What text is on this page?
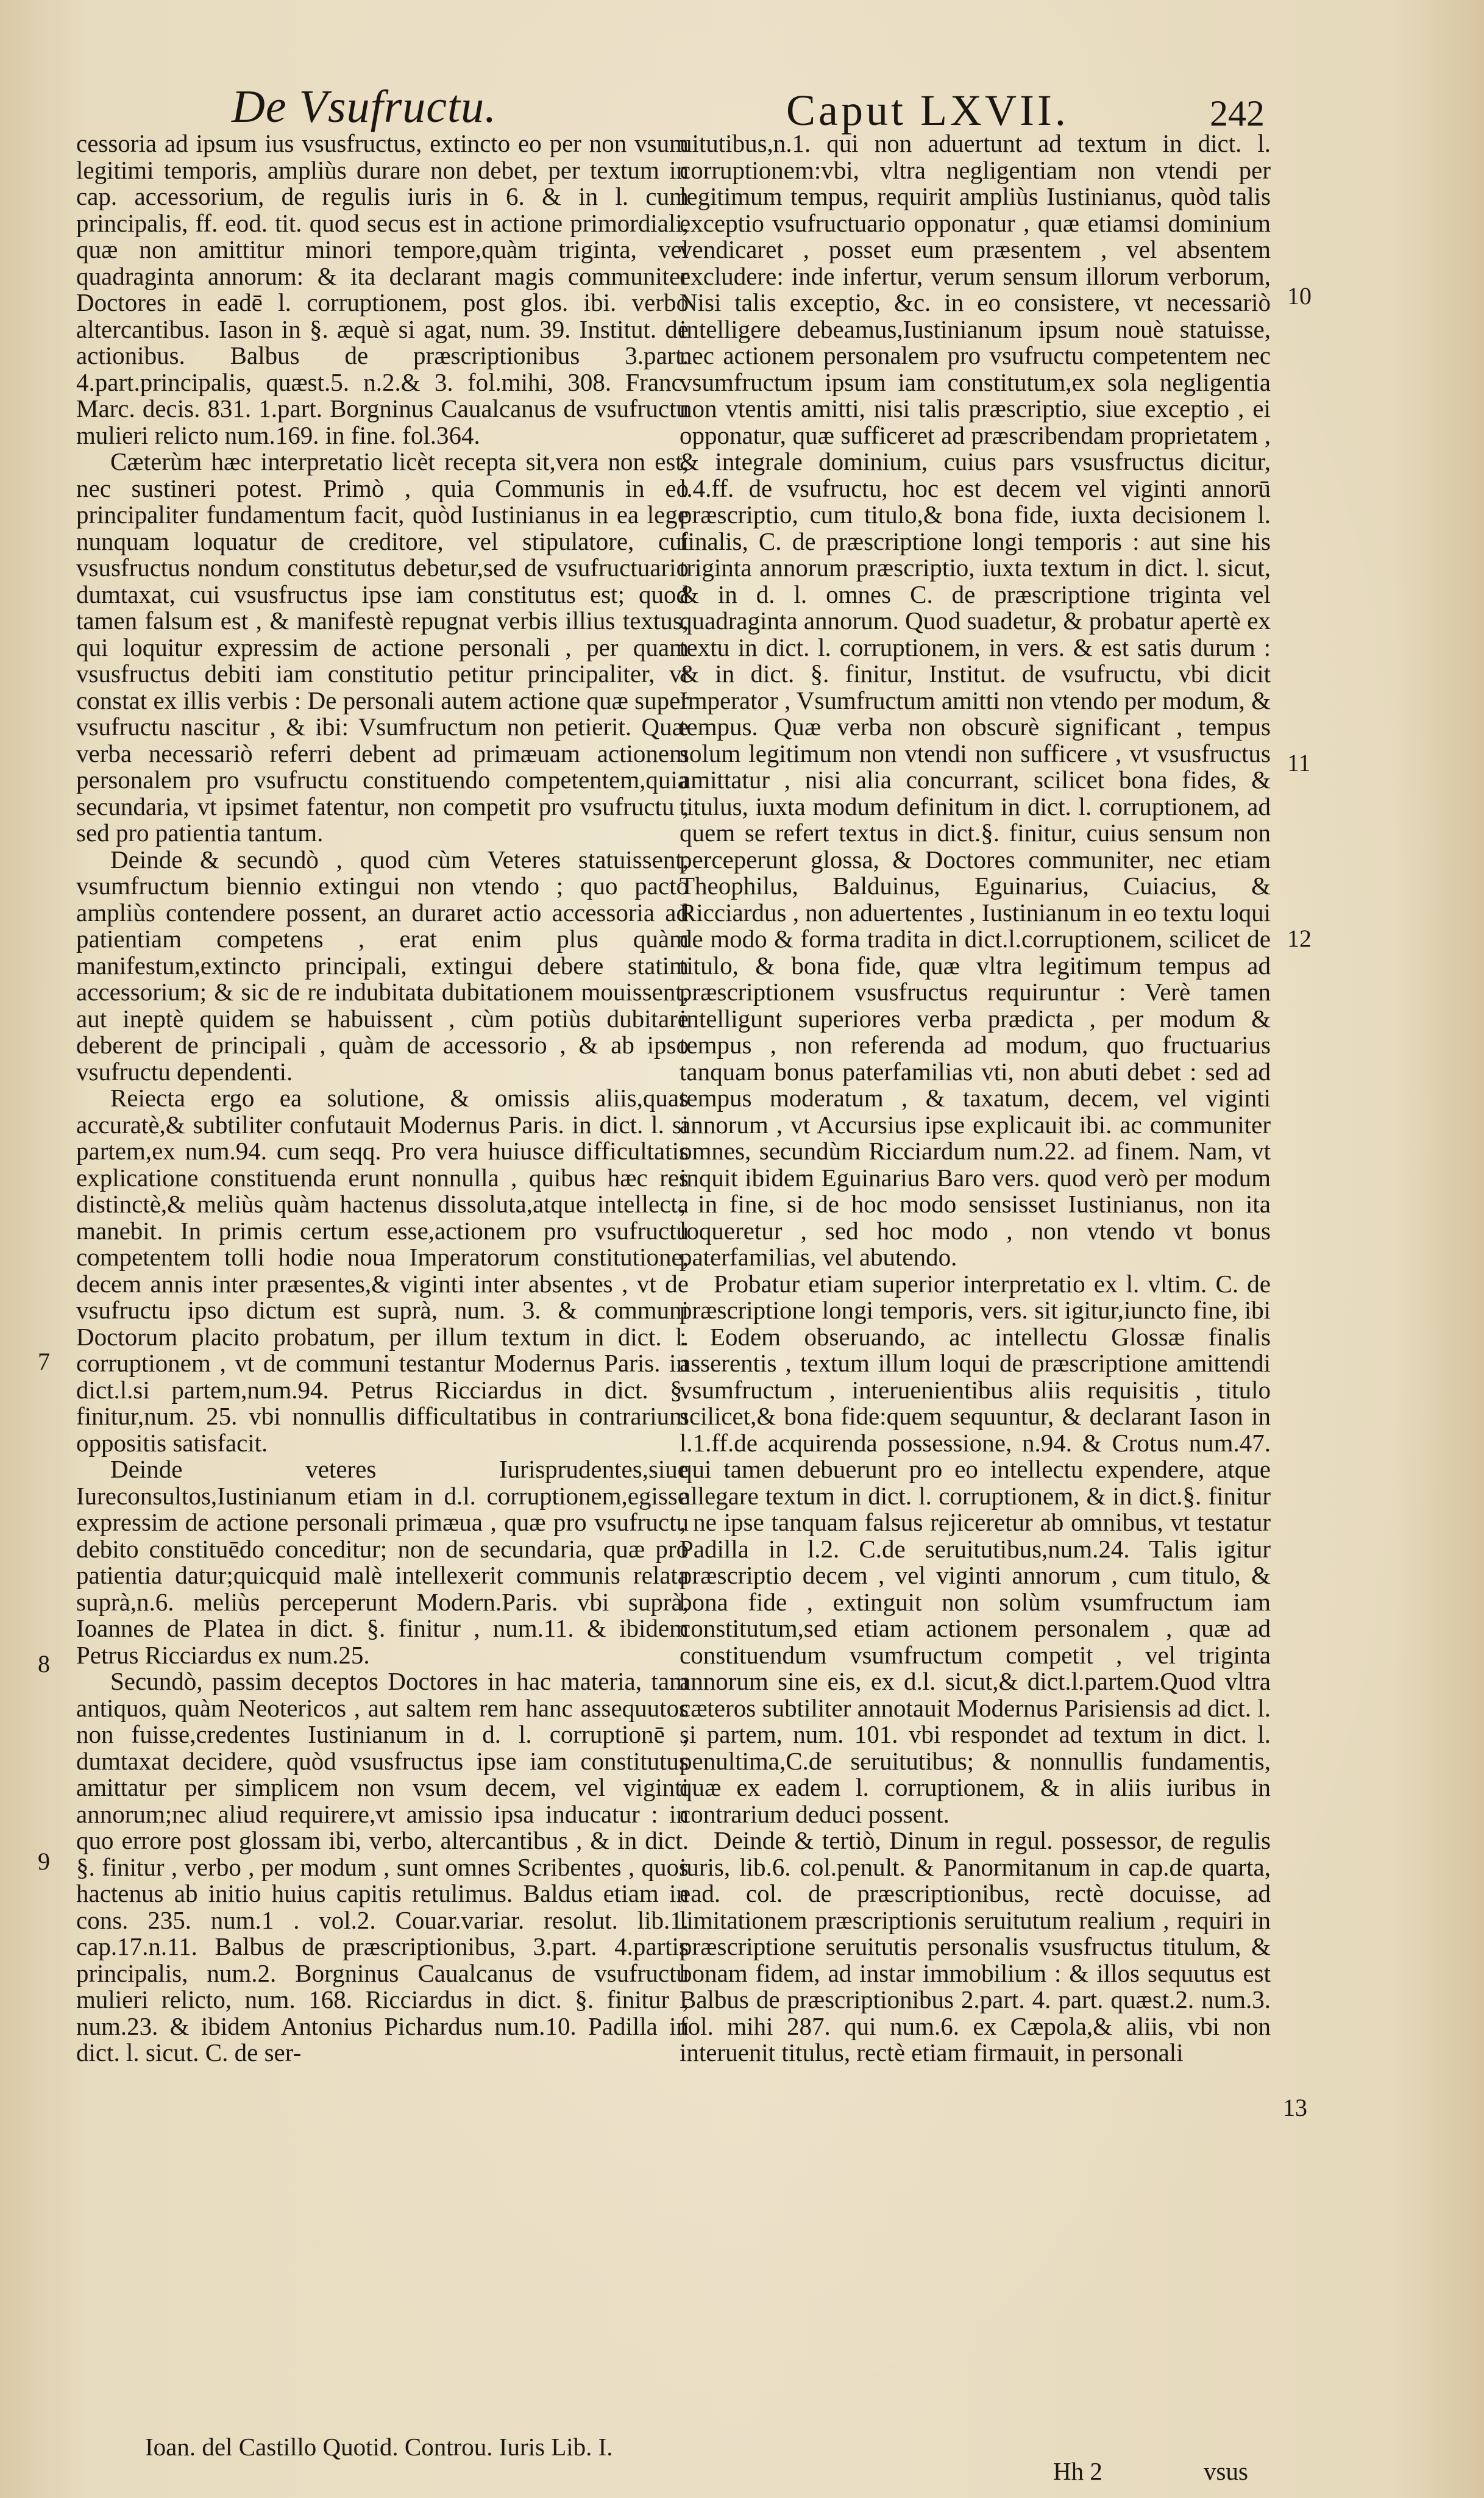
De Vsufructu.	Caput LXVII.	242

cessoria ad ipsum ius vsusfructus, extincto eo per non vsum legitimi temporis, ampliùs durare non debet, per textum in cap. accessorium, de regulis iuris in 6. & in l. cum principalis, ff. eod. tit. quod secus est in actione primordiali, quæ non amittitur minori tempore,quàm triginta, vel quadraginta annorum: & ita declarant magis communiter Doctores in eadē l. corruptionem, post glos. ibi. verbo altercantibus. Iason in §. æquè si agat, num. 39. Institut. de actionibus. Balbus de præscriptionibus 3.part. 4.part.principalis, quæst.5. n.2.& 3. fol.mihi, 308. Franc. Marc. decis. 831. 1.part. Borgninus Caualcanus de vsufructu mulieri relicto num.169. in fine. fol.364.

Cæterùm hæc interpretatio licèt recepta sit,vera non est, nec sustineri potest. Primò , quia Communis in eo principaliter fundamentum facit, quòd Iustinianus in ea lege nunquam loquatur de creditore, vel stipulatore, cui vsusfructus nondum constitutus debetur,sed de vsufructuario dumtaxat, cui vsusfructus ipse iam constitutus est; quod tamen falsum est , & manifestè repugnat verbis illius textus, qui loquitur expressim de actione personali , per quam vsusfructus debiti iam constitutio petitur principaliter, vt constat ex illis verbis : De personali autem actione quæ super vsufructu nascitur , & ibi: Vsumfructum non petierit. Quæ verba necessariò referri debent ad primæuam actionem personalem pro vsufructu constituendo competentem,quia secundaria, vt ipsimet fatentur, non competit pro vsufructu , sed pro patientia tantum.

Deinde & secundò , quod cùm Veteres statuissent, vsumfructum biennio extingui non vtendo ; quo pacto ampliùs contendere possent, an duraret actio accessoria ad patientiam competens , erat enim plus quàm manifestum,extincto principali, extingui debere statim accessorium; & sic de re indubitata dubitationem mouissent, aut ineptè quidem se habuissent , cùm potiùs dubitare deberent de principali , quàm de accessorio , & ab ipso vsufructu dependenti.

Reiecta ergo ea solutione, & omissis aliis,quas accuratè,& subtiliter confutauit Modernus Paris. in dict. l. si partem,ex num.94. cum seqq. Pro vera huiusce difficultatis explicatione constituenda erunt nonnulla , quibus hæc res distinctè,& meliùs quàm hactenus dissoluta,atque intellecta manebit. In primis certum esse,actionem pro vsufructu competentem tolli hodie noua Imperatorum constitutione, decem annis inter præsentes,& viginti inter absentes , vt de vsufructu ipso dictum est suprà, num. 3. & communi Doctorum placito probatum, per illum textum in dict. l. corruptionem , vt de communi testantur Modernus Paris. in dict.l.si partem,num.94. Petrus Ricciardus in dict. §. finitur,num. 25. vbi nonnullis difficultatibus in contrarium oppositis satisfacit.

Deinde veteres Iurisprudentes,siue Iureconsultos,Iustinianum etiam in d.l. corruptionem,egisse expressim de actione personali primæua , quæ pro vsufructu debito constituēdo conceditur; non de secundaria, quæ pro patientia datur;quicquid malè intellexerit communis relata suprà,n.6. meliùs perceperunt Modern.Paris. vbi suprà, Ioannes de Platea in dict. §. finitur , num.11. & ibidem Petrus Ricciardus ex num.25.

Secundò, passim deceptos Doctores in hac materia, tam antiquos, quàm Neotericos , aut saltem rem hanc assequutos non fuisse,credentes Iustinianum in d. l. corruptionē , dumtaxat decidere, quòd vsusfructus ipse iam constitutus amittatur per simplicem non vsum decem, vel viginti annorum;nec aliud requirere,vt amissio ipsa inducatur : in quo errore post glossam ibi, verbo, altercantibus , & in dict. §. finitur , verbo , per modum , sunt omnes Scribentes , quos hactenus ab initio huius capitis retulimus. Baldus etiam in cons. 235. num.1 . vol.2. Couar.variar. resolut. lib.1. cap.17.n.11. Balbus de præscriptionibus, 3.part. 4.partis principalis, num.2. Borgninus Caualcanus de vsufructu mulieri relicto, num. 168. Ricciardus in dict. §. finitur , num.23. & ibidem Antonius Pichardus num.10. Padilla in dict. l. sicut. C. de ser-

uitutibus,n.1. qui non aduertunt ad textum in dict. l. corruptionem:vbi, vltra negligentiam non vtendi per legitimum tempus, requirit ampliùs Iustinianus, quòd talis exceptio vsufructuario opponatur , quæ etiamsi dominium vendicaret , posset eum præsentem , vel absentem excludere: inde infertur, verum sensum illorum verborum, Nisi talis exceptio, &c. in eo consistere, vt necessariò intelligere debeamus,Iustinianum ipsum nouè statuisse, nec actionem personalem pro vsufructu competentem nec vsumfructum ipsum iam constitutum,ex sola negligentia non vtentis amitti, nisi talis præscriptio, siue exceptio , ei opponatur, quæ sufficeret ad præscribendam proprietatem , & integrale dominium, cuius pars vsusfructus dicitur, l.4.ff. de vsufructu, hoc est decem vel viginti annorū præscriptio, cum titulo,& bona fide, iuxta decisionem l. finalis, C. de præscriptione longi temporis : aut sine his triginta annorum præscriptio, iuxta textum in dict. l. sicut, & in d. l. omnes C. de præscriptione triginta vel quadraginta annorum. Quod suadetur, & probatur apertè ex textu in dict. l. corruptionem, in vers. & est satis durum : & in dict. §. finitur, Institut. de vsufructu, vbi dicit Imperator , Vsumfructum amitti non vtendo per modum, & tempus. Quæ verba non obscurè significant , tempus solum legitimum non vtendi non sufficere , vt vsusfructus amittatur , nisi alia concurrant, scilicet bona fides, & titulus, iuxta modum definitum in dict. l. corruptionem, ad quem se refert textus in dict.§. finitur, cuius sensum non perceperunt glossa, & Doctores communiter, nec etiam Theophilus, Balduinus, Eguinarius, Cuiacius, & Ricciardus , non aduertentes , Iustinianum in eo textu loqui de modo & forma tradita in dict.l.corruptionem, scilicet de titulo, & bona fide, quæ vltra legitimum tempus ad præscriptionem vsusfructus requiruntur : Verè tamen intelligunt superiores verba prædicta , per modum & tempus , non referenda ad modum, quo fructuarius tanquam bonus paterfamilias vti, non abuti debet : sed ad tempus moderatum , & taxatum, decem, vel viginti annorum , vt Accursius ipse explicauit ibi. ac communiter omnes, secundùm Ricciardum num.22. ad finem. Nam, vt inquit ibidem Eguinarius Baro vers. quod verò per modum , in fine, si de hoc modo sensisset Iustinianus, non ita loqueretur , sed hoc modo , non vtendo vt bonus paterfamilias, vel abutendo.

Probatur etiam superior interpretatio ex l. vltim. C. de præscriptione longi temporis, vers. sit igitur,iuncto fine, ibi : Eodem obseruando, ac intellectu Glossæ finalis asserentis , textum illum loqui de præscriptione amittendi vsumfructum , interuenientibus aliis requisitis , titulo scilicet,& bona fide:quem sequuntur, & declarant Iason in l.1.ff.de acquirenda possessione, n.94. & Crotus num.47. qui tamen debuerunt pro eo intellectu expendere, atque allegare textum in dict. l. corruptionem, & in dict.§. finitur , ne ipse tanquam falsus rejiceretur ab omnibus, vt testatur Padilla in l.2. C.de seruitutibus,num.24. Talis igitur præscriptio decem , vel viginti annorum , cum titulo, & bona fide , extinguit non solùm vsumfructum iam constitutum,sed etiam actionem personalem , quæ ad constituendum vsumfructum competit , vel triginta annorum sine eis, ex d.l. sicut,& dict.l.partem.Quod vltra cæteros subtiliter annotauit Modernus Parisiensis ad dict. l. si partem, num. 101. vbi respondet ad textum in dict. l. penultima,C.de seruitutibus; & nonnullis fundamentis, quæ ex eadem l. corruptionem, & in aliis iuribus in contrarium deduci possent.

Deinde & tertiò, Dinum in regul. possessor, de regulis iuris, lib.6. col.penult. & Panormitanum in cap.de quarta, ead. col. de præscriptionibus, rectè docuisse, ad limitationem præscriptionis seruitutum realium , requiri in præscriptione seruitutis personalis vsusfructus titulum, & bonam fidem, ad instar immobilium : & illos sequutus est Balbus de præscriptionibus 2.part. 4. part. quæst.2. num.3. fol. mihi 287. qui num.6. ex Cæpola,& aliis, vbi non interuenit titulus, rectè etiam firmauit, in personali

10
11
12
7
8
9
13
Ioan. del Castillo Quotid. Controu. Iuris Lib. I.
Hh 2	vsus
